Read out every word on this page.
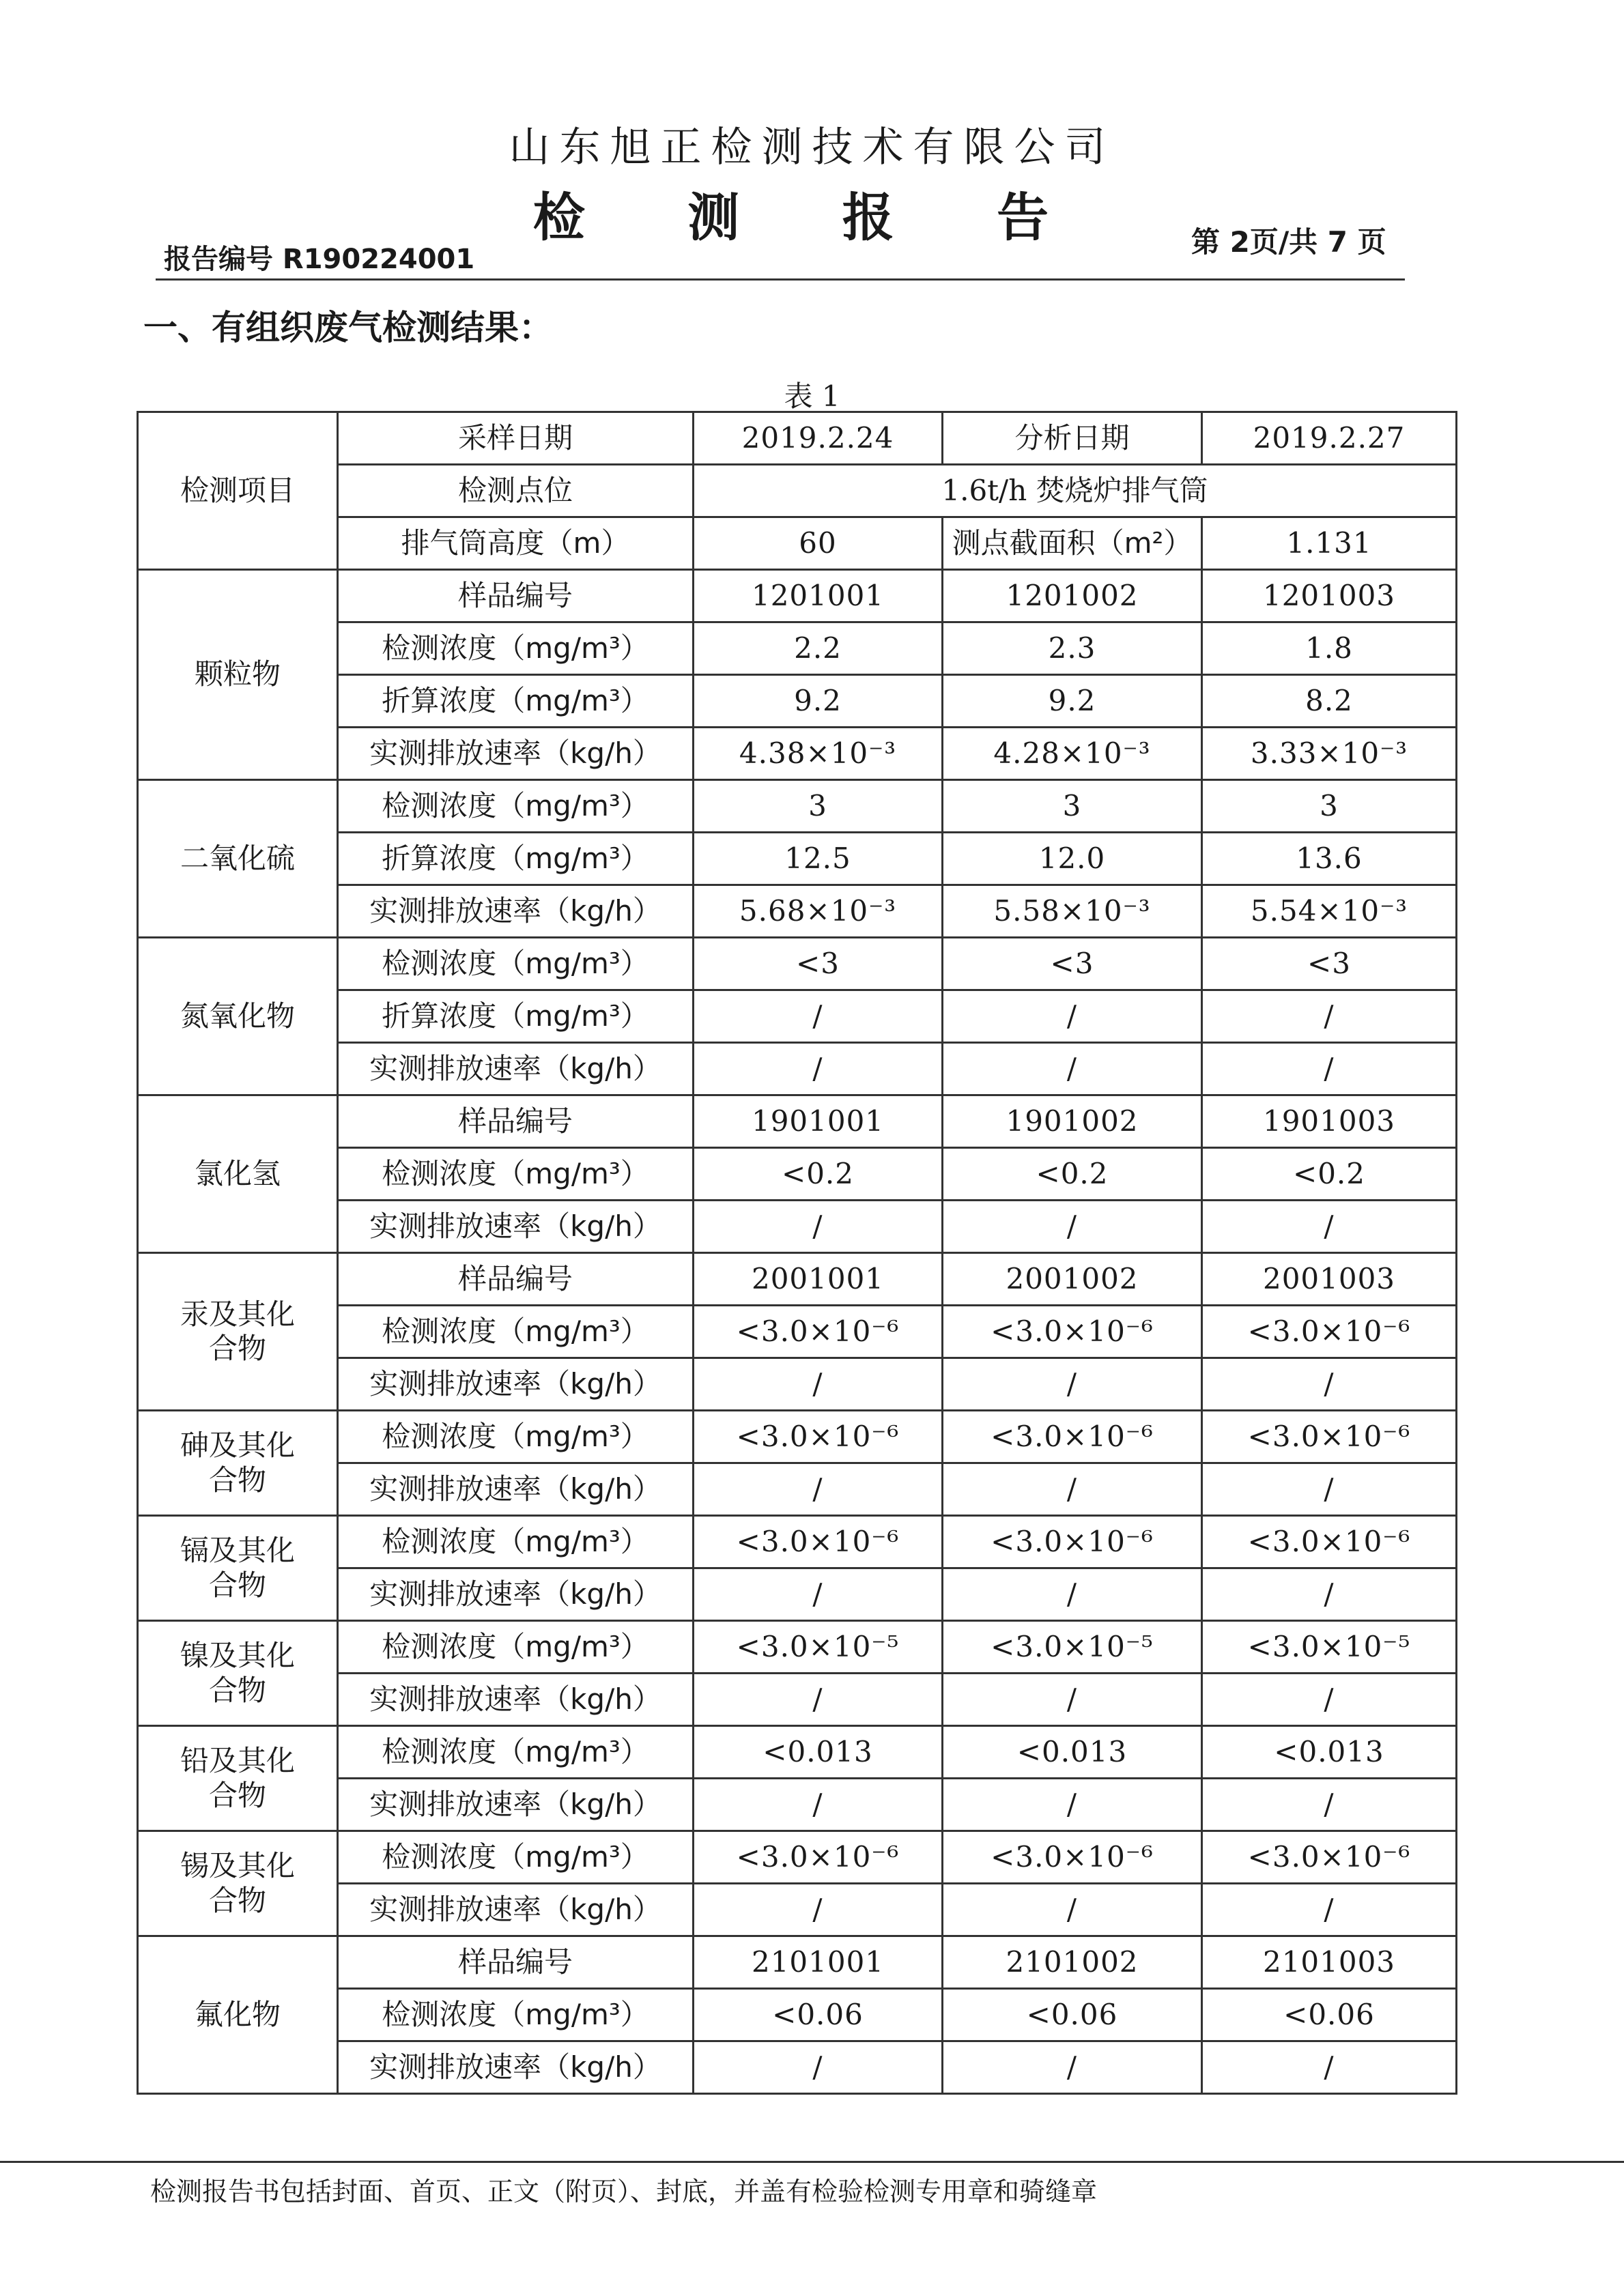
山东旭正检测技术有限公司
检 测 报 告
报告编号 R190224001
第 2页/共 7 页
一、有组织废气检测结果：
表 1
检测项目	采样日期	2019.2.24	分析日期	2019.2.27
	检测点位	1.6t/h 焚烧炉排气筒		
	排气筒高度（m）	60	测点截面积（m²）	1.131
颗粒物	样品编号	1201001	1201002	1201003
	检测浓度（mg/m³）	2.2	2.3	1.8
	折算浓度（mg/m³）	9.2	9.2	8.2
	实测排放速率（kg/h）	4.38×10⁻³	4.28×10⁻³	3.33×10⁻³
二氧化硫	检测浓度（mg/m³）	3	3	3
	折算浓度（mg/m³）	12.5	12.0	13.6
	实测排放速率（kg/h）	5.68×10⁻³	5.58×10⁻³	5.54×10⁻³
氮氧化物	检测浓度（mg/m³）	<3	<3	<3
	折算浓度（mg/m³）	/	/	/
	实测排放速率（kg/h）	/	/	/
氯化氢	样品编号	1901001	1901002	1901003
	检测浓度（mg/m³）	<0.2	<0.2	<0.2
	实测排放速率（kg/h）	/	/	/
汞及其化
合物	样品编号	2001001	2001002	2001003
	检测浓度（mg/m³）	<3.0×10⁻⁶	<3.0×10⁻⁶	<3.0×10⁻⁶
	实测排放速率（kg/h）	/	/	/
砷及其化
合物	检测浓度（mg/m³）	<3.0×10⁻⁶	<3.0×10⁻⁶	<3.0×10⁻⁶
	实测排放速率（kg/h）	/	/	/
镉及其化
合物	检测浓度（mg/m³）	<3.0×10⁻⁶	<3.0×10⁻⁶	<3.0×10⁻⁶
	实测排放速率（kg/h）	/	/	/
镍及其化
合物	检测浓度（mg/m³）	<3.0×10⁻⁵	<3.0×10⁻⁵	<3.0×10⁻⁵
	实测排放速率（kg/h）	/	/	/
铅及其化
合物	检测浓度（mg/m³）	<0.013	<0.013	<0.013
	实测排放速率（kg/h）	/	/	/
锡及其化
合物	检测浓度（mg/m³）	<3.0×10⁻⁶	<3.0×10⁻⁶	<3.0×10⁻⁶
	实测排放速率（kg/h）	/	/	/
氟化物	样品编号	2101001	2101002	2101003
	检测浓度（mg/m³）	<0.06	<0.06	<0.06
	实测排放速率（kg/h）	/	/	/
检测报告书包括封面、首页、正文（附页）、封底，并盖有检验检测专用章和骑缝章
